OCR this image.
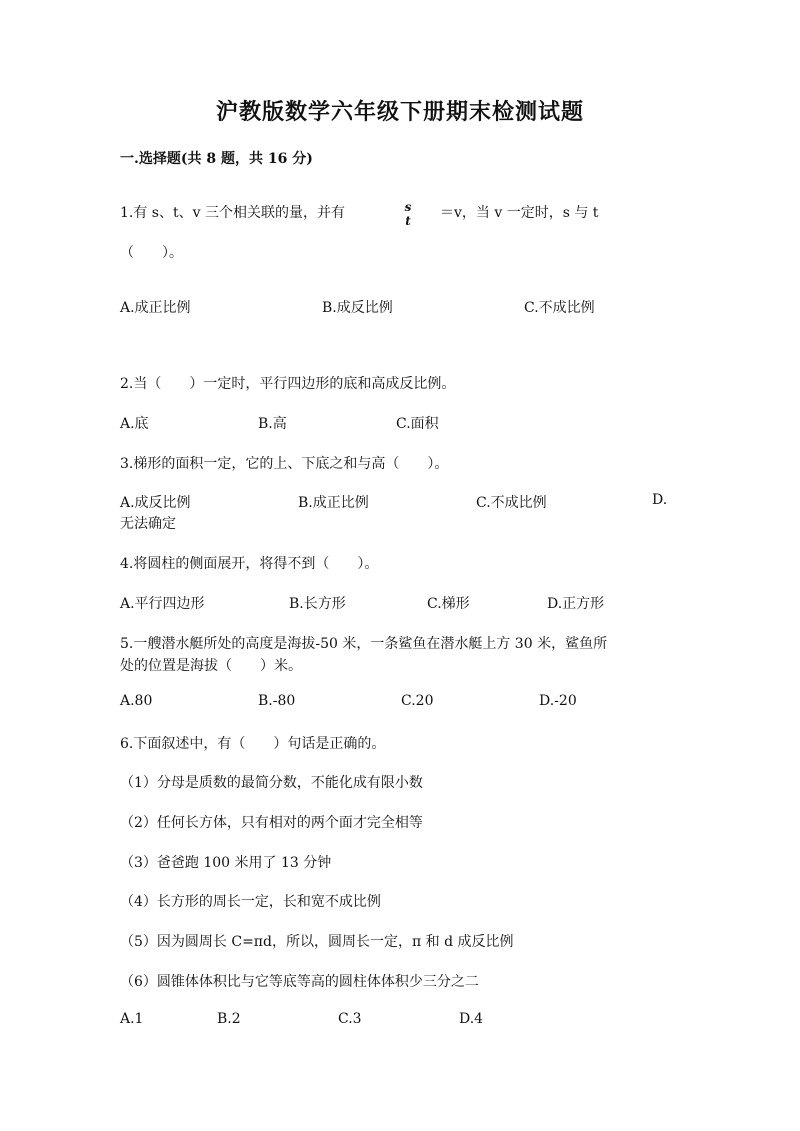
沪教版数学六年级下册期末检测试题
一.选择题(共 8 题，共 16 分)
1.有 s、t、v 三个相关联的量，并有	s
t	＝v，当 v 一定时，s 与 t
（　　）。
A.成正比例	B.成反比例	C.不成比例
2.当（　　）一定时，平行四边形的底和高成反比例。
A.底	B.高	C.面积
3.梯形的面积一定，它的上、下底之和与高（　　）。
A.成反比例	B.成正比例	C.不成比例	D.
无法确定
4.将圆柱的侧面展开，将得不到（　　）。
A.平行四边形	B.长方形	C.梯形	D.正方形
5.一艘潜水艇所处的高度是海拔-50 米，一条鲨鱼在潜水艇上方 30 米，鲨鱼所
处的位置是海拔（　　）米。
A.80	B.-80	C.20	D.-20
6.下面叙述中，有（　　）句话是正确的。
（1）分母是质数的最简分数，不能化成有限小数
（2）任何长方体，只有相对的两个面才完全相等
（3）爸爸跑 100 米用了 13 分钟
（4）长方形的周长一定，长和宽不成比例
（5）因为圆周长 C=πd，所以，圆周长一定，π 和 d 成反比例
（6）圆锥体体积比与它等底等高的圆柱体体积少三分之二
A.1	B.2	C.3	D.4
